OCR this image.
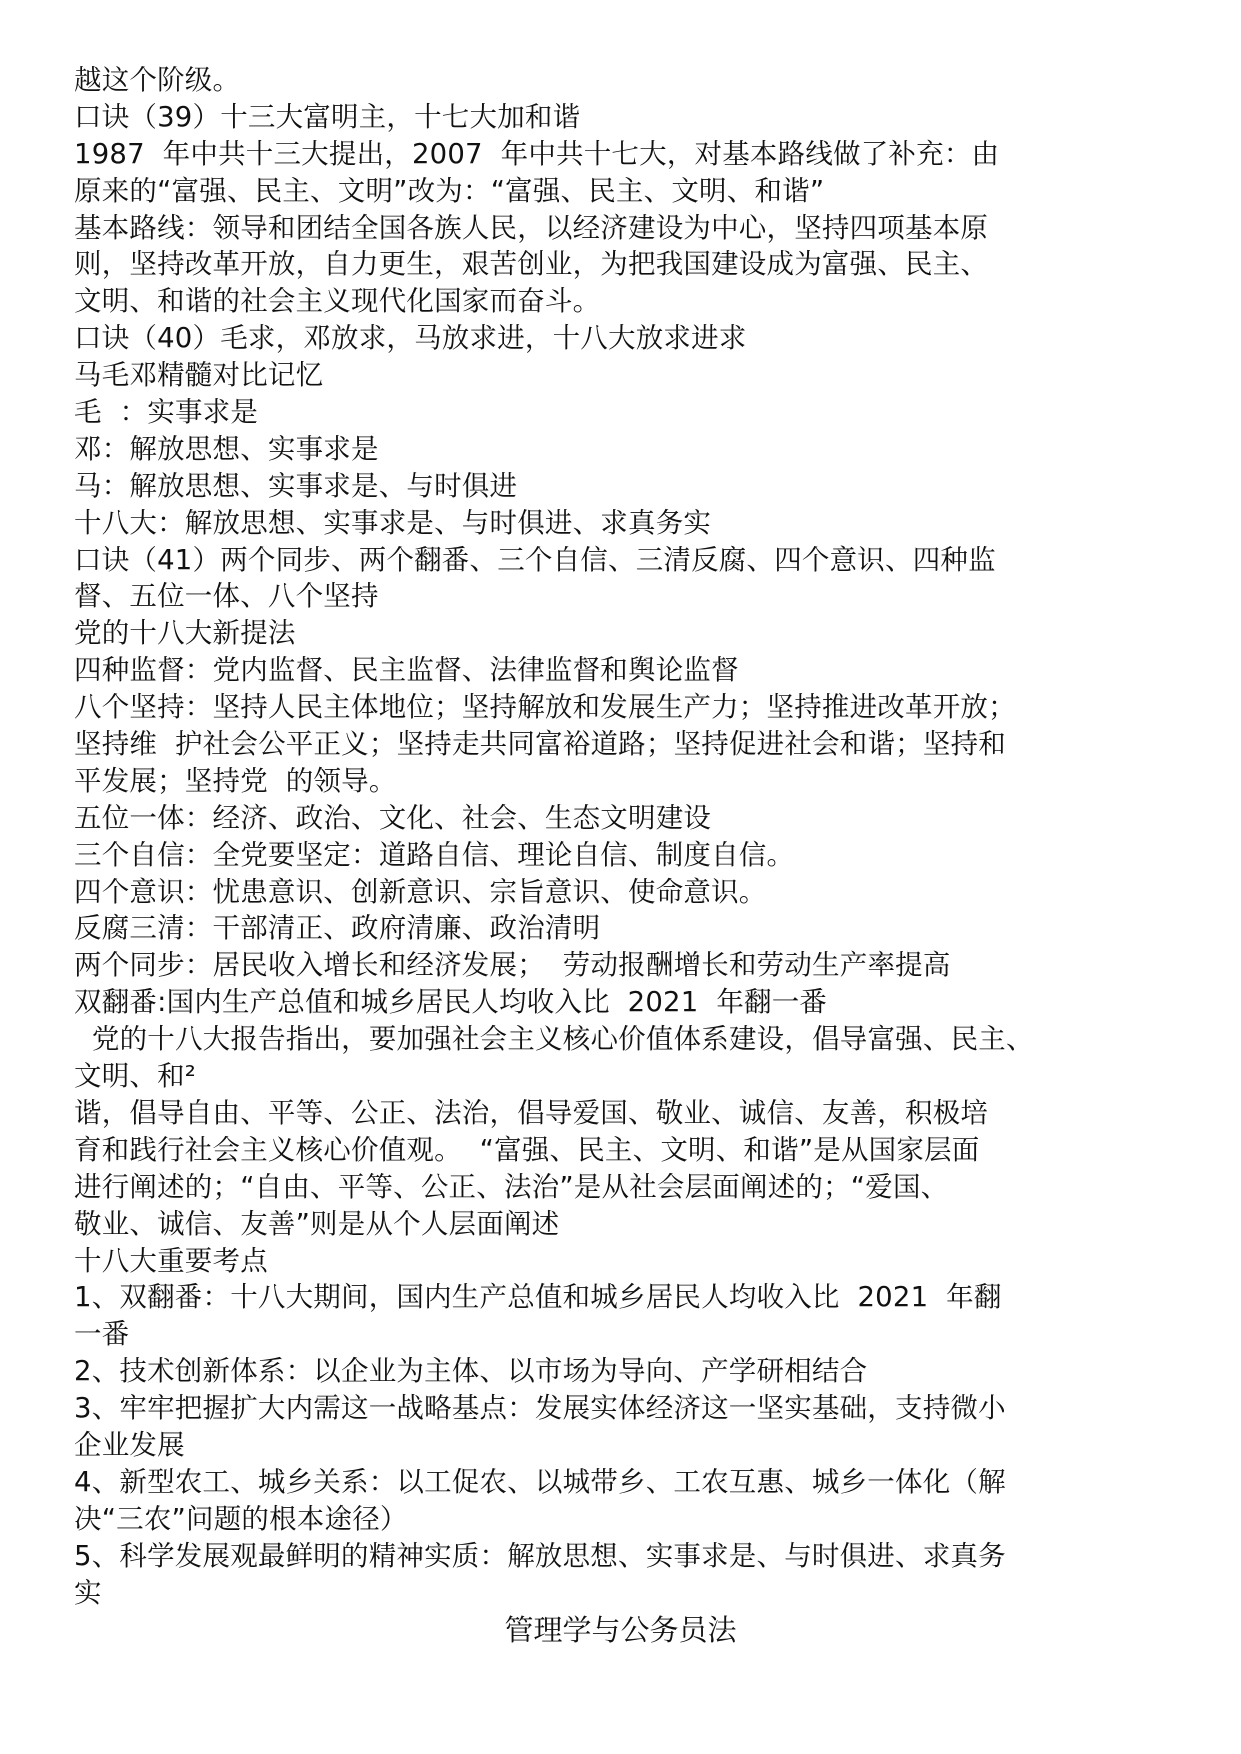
越这个阶级。
口诀（39）十三大富明主，十七大加和谐
1987  年中共十三大提出，2007  年中共十七大，对基本路线做了补充：由
原来的“富强、民主、文明”改为：“富强、民主、文明、和谐”
基本路线：领导和团结全国各族人民，以经济建设为中心，坚持四项基本原
则，坚持改革开放，自力更生，艰苦创业，为把我国建设成为富强、民主、
文明、和谐的社会主义现代化国家而奋斗。
口诀（40）毛求，邓放求，马放求进，十八大放求进求
马毛邓精髓对比记忆
毛  ：实事求是
邓：解放思想、实事求是
马：解放思想、实事求是、与时俱进
十八大：解放思想、实事求是、与时俱进、求真务实
口诀（41）两个同步、两个翻番、三个自信、三清反腐、四个意识、四种监
督、五位一体、八个坚持
党的十八大新提法
四种监督：党内监督、民主监督、法律监督和舆论监督
八个坚持：坚持人民主体地位；坚持解放和发展生产力；坚持推进改革开放；
坚持维  护社会公平正义；坚持走共同富裕道路；坚持促进社会和谐；坚持和
平发展；坚持党  的领导。
五位一体：经济、政治、文化、社会、生态文明建设
三个自信：全党要坚定：道路自信、理论自信、制度自信。
四个意识：忧患意识、创新意识、宗旨意识、使命意识。
反腐三清：干部清正、政府清廉、政治清明
两个同步：居民收入增长和经济发展；  劳动报酬增长和劳动生产率提高
双翻番:国内生产总值和城乡居民人均收入比  2021  年翻一番
党的十八大报告指出，要加强社会主义核心价值体系建设，倡导富强、民主、
文明、和²
谐，倡导自由、平等、公正、法治，倡导爱国、敬业、诚信、友善，积极培
育和践行社会主义核心价值观。  “富强、民主、文明、和谐”是从国家层面
进行阐述的；“自由、平等、公正、法治”是从社会层面阐述的；“爱国、
敬业、诚信、友善”则是从个人层面阐述
十八大重要考点
1、双翻番：十八大期间，国内生产总值和城乡居民人均收入比  2021  年翻
一番
2、技术创新体系：以企业为主体、以市场为导向、产学研相结合
3、牢牢把握扩大内需这一战略基点：发展实体经济这一坚实基础，支持微小
企业发展
4、新型农工、城乡关系：以工促农、以城带乡、工农互惠、城乡一体化（解
决“三农”问题的根本途径）
5、科学发展观最鲜明的精神实质：解放思想、实事求是、与时俱进、求真务
实
管理学与公务员法
